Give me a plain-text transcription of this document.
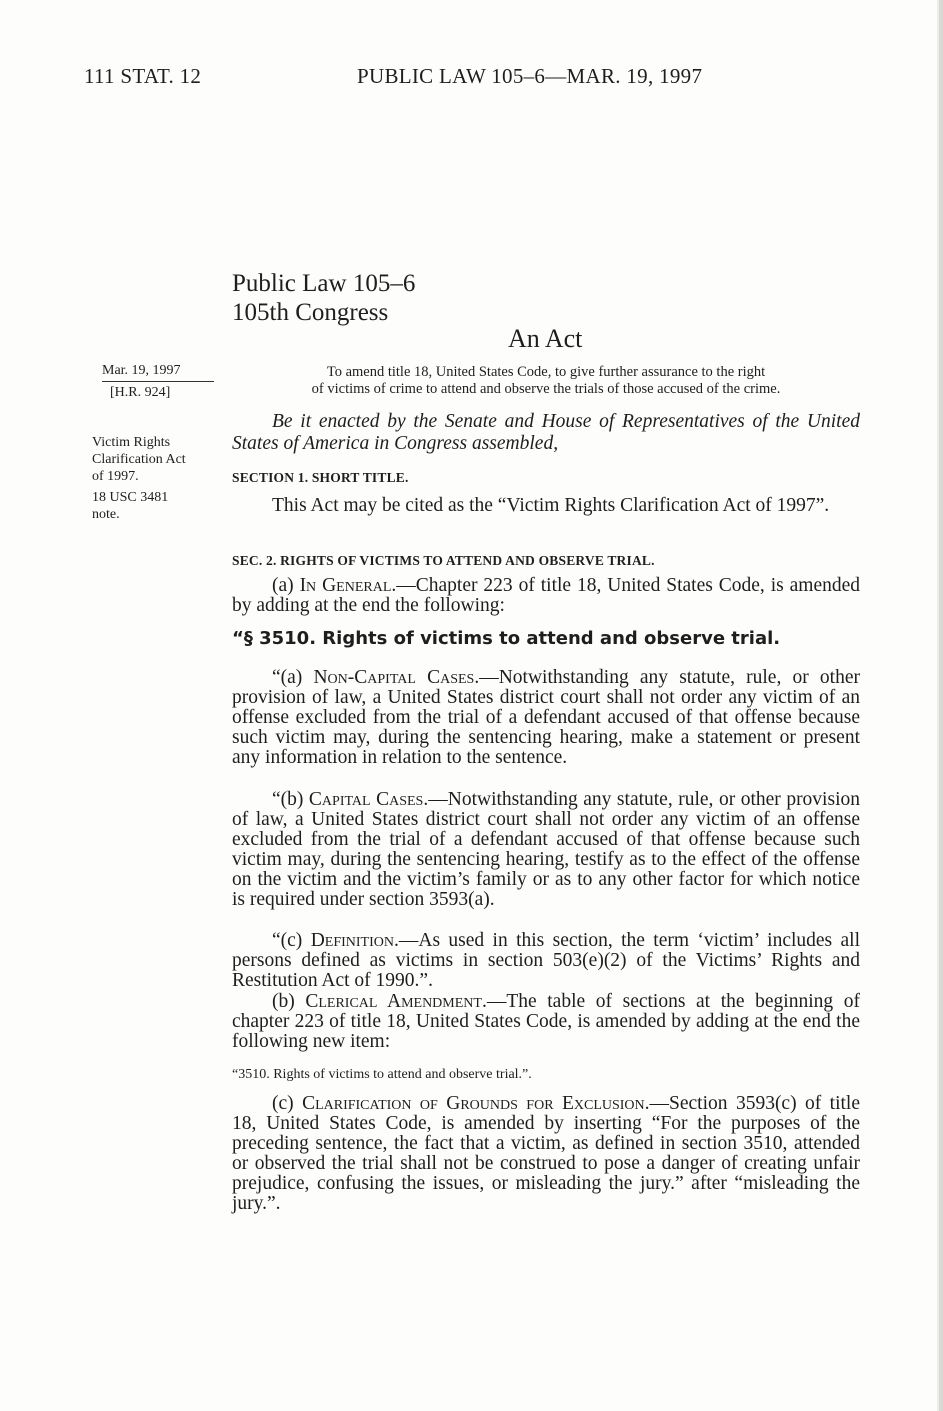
111 STAT. 12	PUBLIC LAW 105–6—MAR. 19, 1997
Public Law 105–6
105th Congress
An Act
Mar. 19, 1997
[H.R. 924]
Victim Rights
Clarification Act
of 1997.
18 USC 3481
note.
To amend title 18, United States Code, to give further assurance to the right
of victims of crime to attend and observe the trials of those accused of the crime.
Be it enacted by the Senate and House of Representatives of the United States of America in Congress assembled,
SECTION 1. SHORT TITLE.
This Act may be cited as the “Victim Rights Clarification Act of 1997”.
SEC. 2. RIGHTS OF VICTIMS TO ATTEND AND OBSERVE TRIAL.
(a) In General.—Chapter 223 of title 18, United States Code, is amended by adding at the end the following:
“§ 3510. Rights of victims to attend and observe trial.
“(a) Non-Capital Cases.—Notwithstanding any statute, rule, or other provision of law, a United States district court shall not order any victim of an offense excluded from the trial of a defendant accused of that offense because such victim may, during the sentencing hearing, make a statement or present any information in relation to the sentence.
“(b) Capital Cases.—Notwithstanding any statute, rule, or other provision of law, a United States district court shall not order any victim of an offense excluded from the trial of a defendant accused of that offense because such victim may, during the sentencing hearing, testify as to the effect of the offense on the victim and the victim’s family or as to any other factor for which notice is required under section 3593(a).
“(c) Definition.—As used in this section, the term ‘victim’ includes all persons defined as victims in section 503(e)(2) of the Victims’ Rights and Restitution Act of 1990.”.
(b) Clerical Amendment.—The table of sections at the beginning of chapter 223 of title 18, United States Code, is amended by adding at the end the following new item:
“3510. Rights of victims to attend and observe trial.”.
(c) Clarification of Grounds for Exclusion.—Section 3593(c) of title 18, United States Code, is amended by inserting “For the purposes of the preceding sentence, the fact that a victim, as defined in section 3510, attended or observed the trial shall not be construed to pose a danger of creating unfair prejudice, confusing the issues, or misleading the jury.” after “misleading the jury.”.
